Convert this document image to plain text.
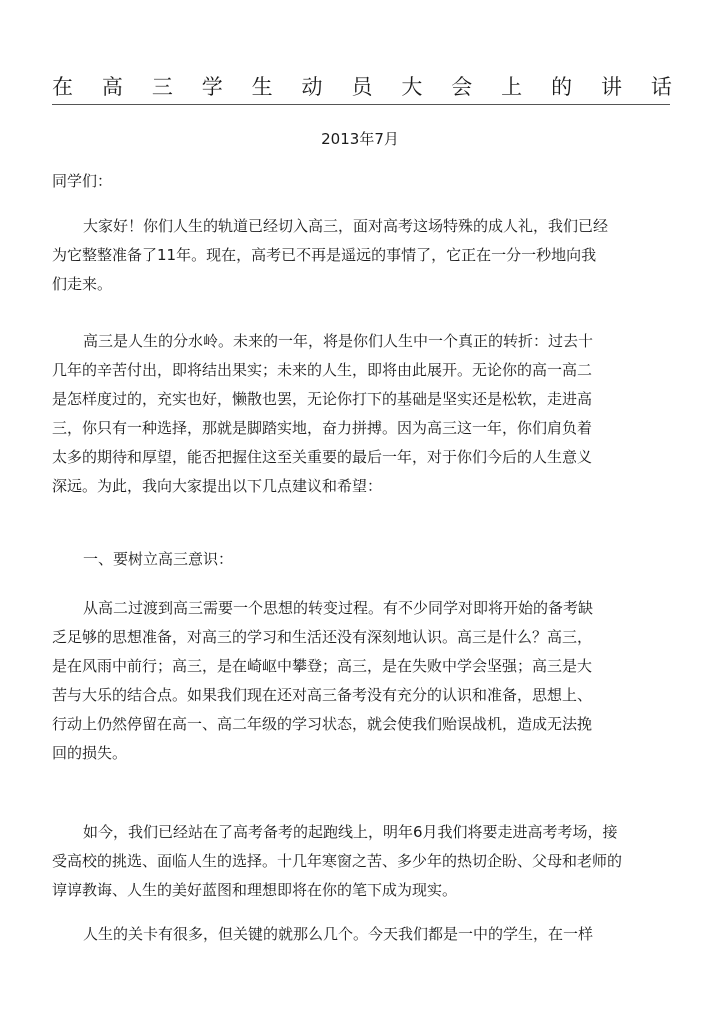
在 高 三 学 生 动 员 大 会 上 的 讲 话
2013年7月
同学们：
大家好！你们人生的轨道已经切入高三，面对高考这场特殊的成人礼，我们已经
为它整整准备了11年。现在，高考已不再是遥远的事情了，它正在一分一秒地向我
们走来。
高三是人生的分水岭。未来的一年，将是你们人生中一个真正的转折：过去十
几年的辛苦付出，即将结出果实；未来的人生，即将由此展开。无论你的高一高二
是怎样度过的，充实也好，懒散也罢，无论你打下的基础是坚实还是松软，走进高
三，你只有一种选择，那就是脚踏实地，奋力拼搏。因为高三这一年，你们肩负着
太多的期待和厚望，能否把握住这至关重要的最后一年，对于你们今后的人生意义
深远。为此，我向大家提出以下几点建议和希望：
一、要树立高三意识：
从高二过渡到高三需要一个思想的转变过程。有不少同学对即将开始的备考缺
乏足够的思想准备，对高三的学习和生活还没有深刻地认识。高三是什么？高三，
是在风雨中前行；高三，是在崎岖中攀登；高三，是在失败中学会坚强；高三是大
苦与大乐的结合点。如果我们现在还对高三备考没有充分的认识和准备，思想上、
行动上仍然停留在高一、高二年级的学习状态，就会使我们贻误战机，造成无法挽
回的损失。
如今，我们已经站在了高考备考的起跑线上，明年6月我们将要走进高考考场，接
受高校的挑选、面临人生的选择。十几年寒窗之苦、多少年的热切企盼、父母和老师的
谆谆教诲、人生的美好蓝图和理想即将在你的笔下成为现实。
人生的关卡有很多，但关键的就那么几个。今天我们都是一中的学生，在一样
